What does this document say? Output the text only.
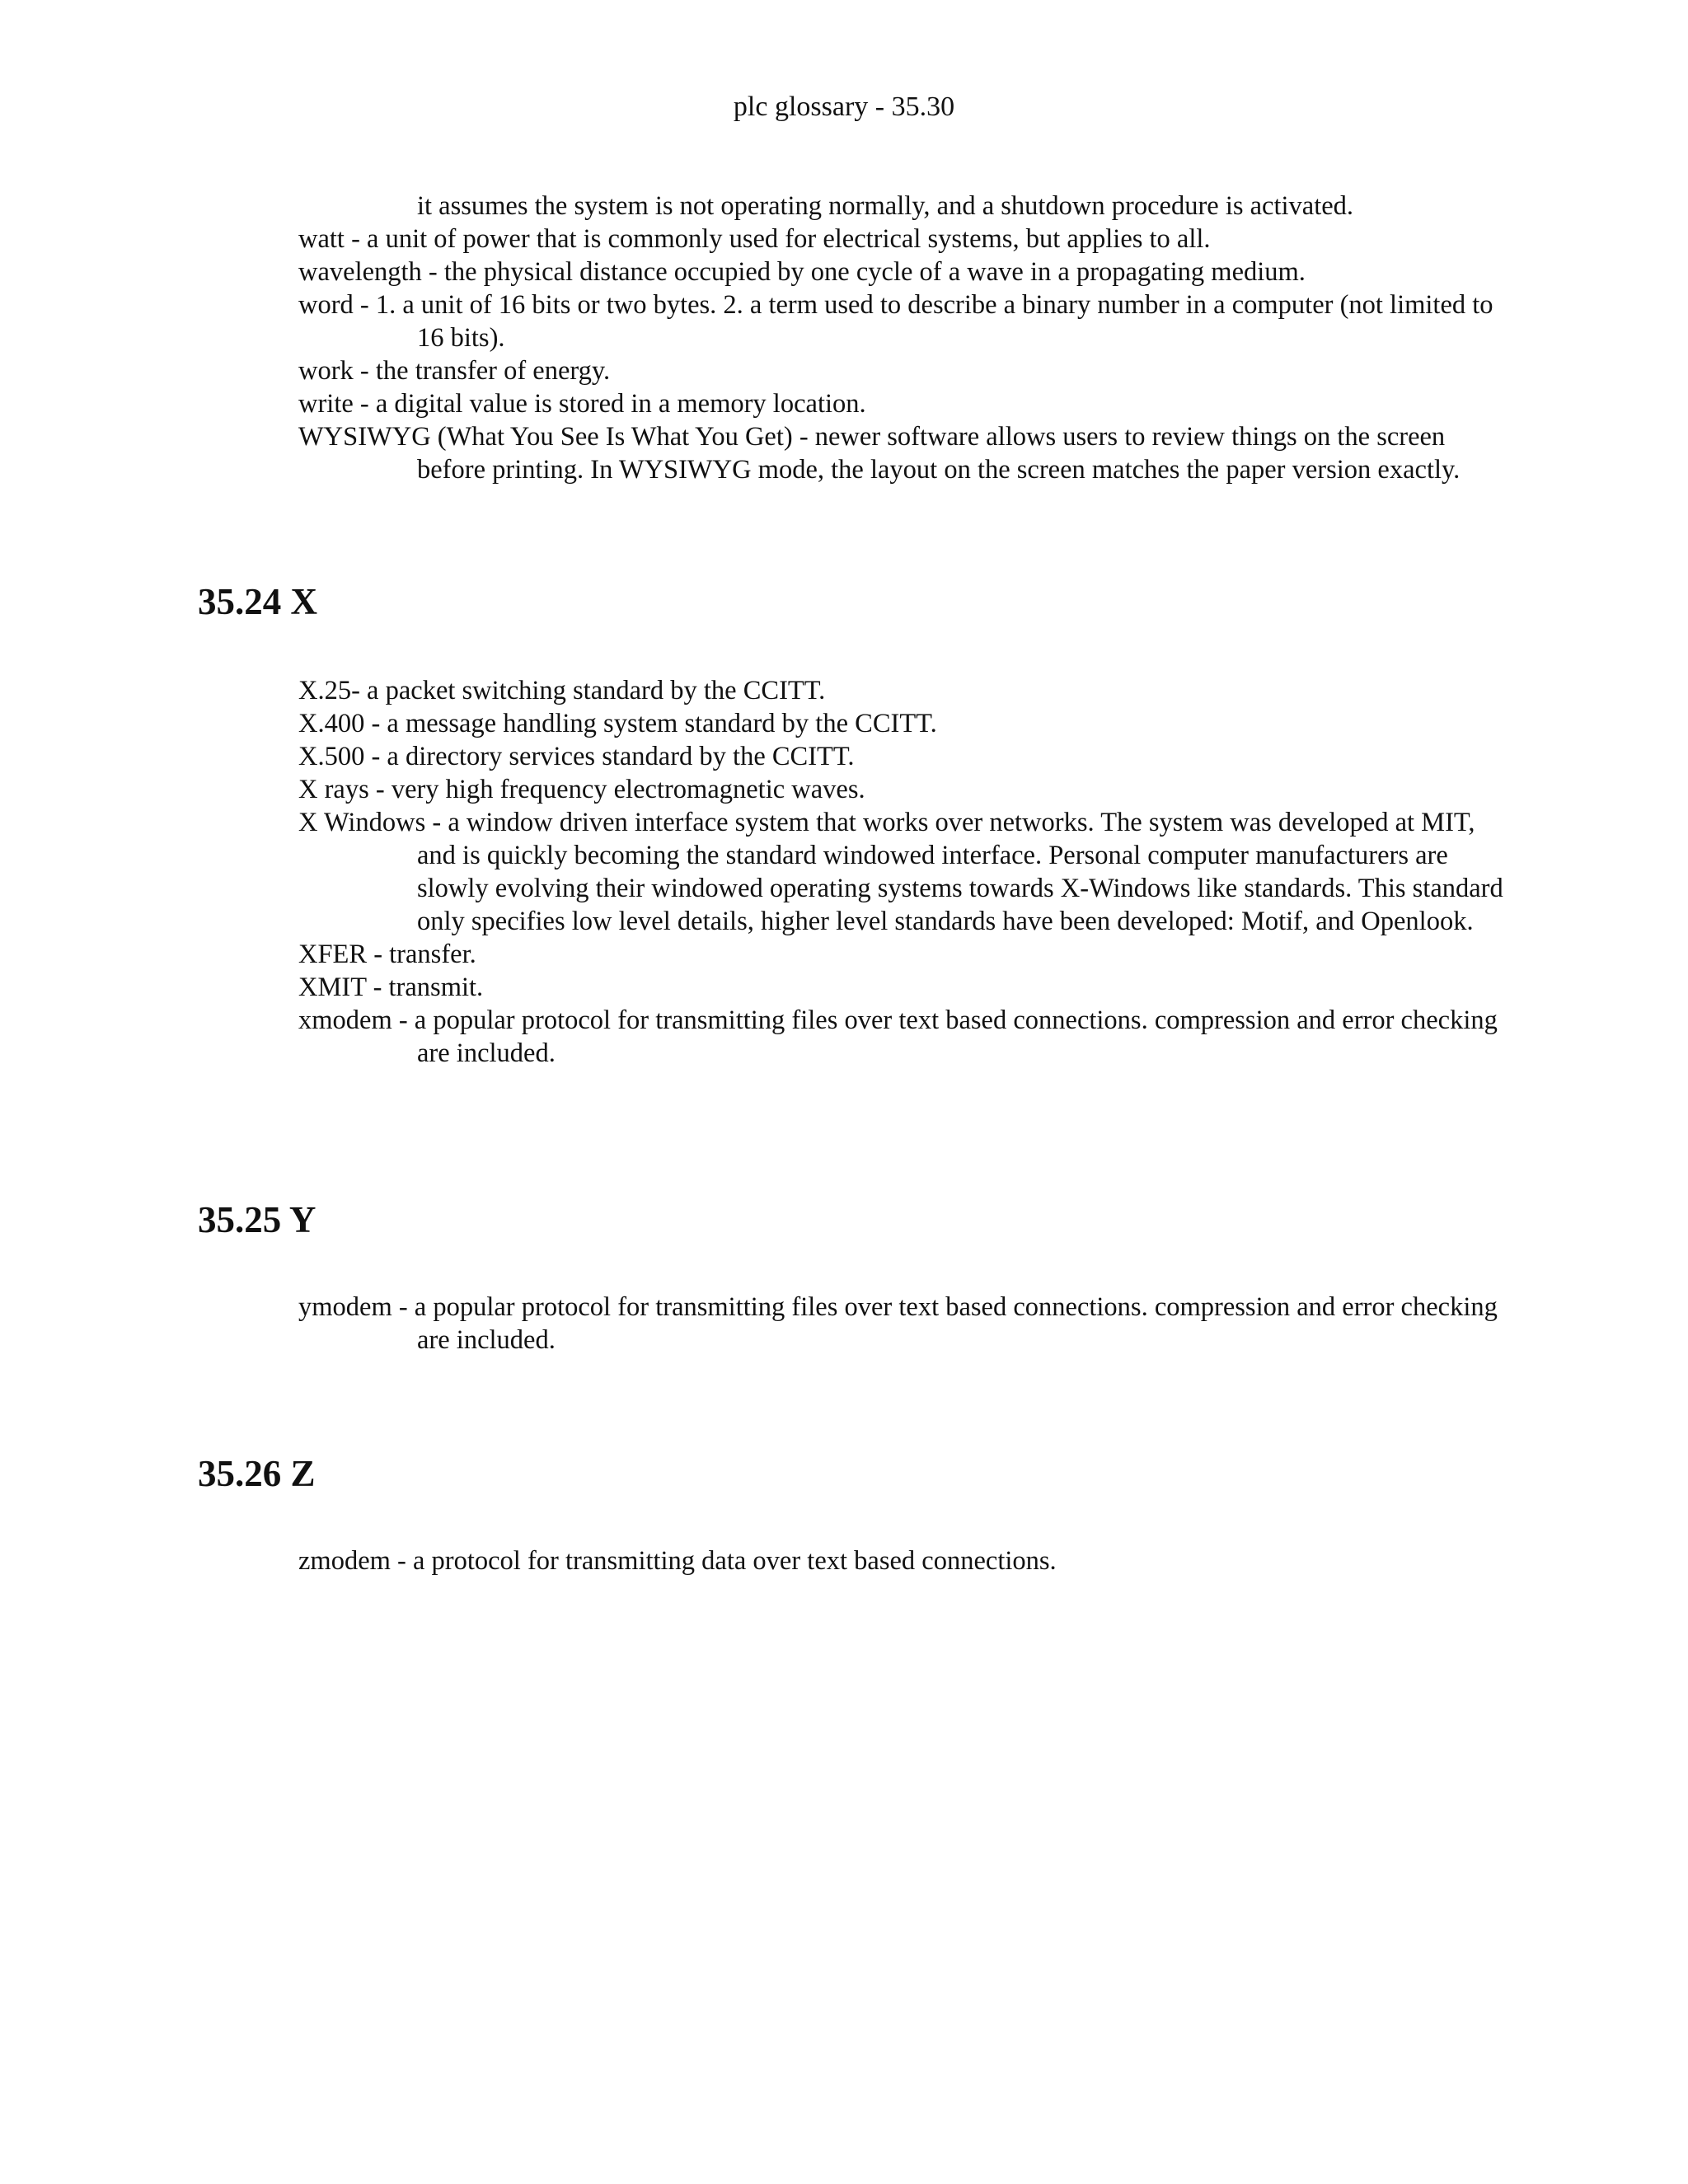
plc glossary - 35.30

it assumes the system is not operating normally, and a shutdown procedure is activated.

watt - a unit of power that is commonly used for electrical systems, but applies to all.

wavelength - the physical distance occupied by one cycle of a wave in a propagating medium.

word - 1. a unit of 16 bits or two bytes. 2. a term used to describe a binary number in a computer (not limited to 16 bits).

work - the transfer of energy.

write - a digital value is stored in a memory location.

WYSIWYG (What You See Is What You Get) - newer software allows users to review things on the screen before printing. In WYSIWYG mode, the layout on the screen matches the paper version exactly.

35.24 X

X.25- a packet switching standard by the CCITT.

X.400 - a message handling system standard by the CCITT.

X.500 - a directory services standard by the CCITT.

X rays - very high frequency electromagnetic waves.

X Windows - a window driven interface system that works over networks. The system was developed at MIT, and is quickly becoming the standard windowed interface. Personal computer manufacturers are slowly evolving their windowed operating systems towards X-Windows like standards. This standard only specifies low level details, higher level standards have been developed: Motif, and Openlook.

XFER - transfer.

XMIT - transmit.

xmodem - a popular protocol for transmitting files over text based connections. compression and error checking are included.

35.25 Y

ymodem - a popular protocol for transmitting files over text based connections. compression and error checking are included.

35.26 Z

zmodem - a protocol for transmitting data over text based connections.
